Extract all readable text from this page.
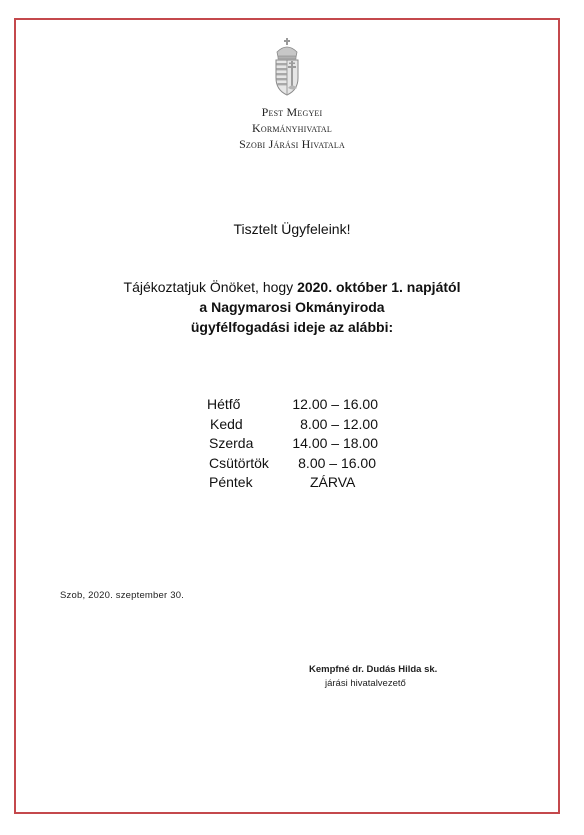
Pest Megyei
Kormányhivatal
Szobi Járási Hivatala
Tisztelt Ügyfeleink!
Tájékoztatjuk Önöket, hogy 2020. október 1. napjától
a Nagymarosi Okmányiroda
ügyfélfogadási ideje az alábbi:
Hétfő	12.00 – 16.00
Kedd	8.00 – 12.00
Szerda	14.00 – 18.00
Csütörtök	8.00 – 16.00
Péntek	ZÁRVA
Szob, 2020. szeptember 30.
Kempfné dr. Dudás Hilda sk.
járási hivatalvezető
